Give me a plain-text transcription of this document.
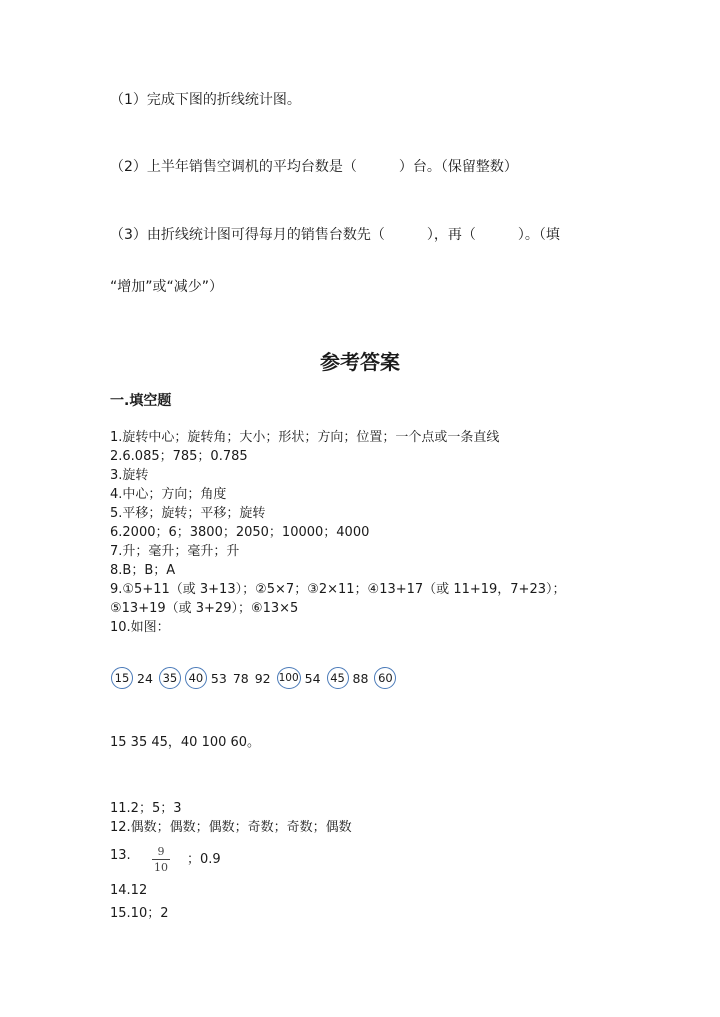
（1）完成下图的折线统计图。
（2）上半年销售空调机的平均台数是（　　　）台。（保留整数）
（3）由折线统计图可得每月的销售台数先（　　　），再（　　　）。（填
“增加”或“减少”）
参考答案
一.填空题
1.旋转中心；旋转角；大小；形状；方向；位置；一个点或一条直线
2.6.085；785；0.785
3.旋转
4.中心；方向；角度
5.平移；旋转；平移；旋转
6.2000；6；3800；2050；10000；4000
7.升；毫升；毫升；升
8.B；B；A
9.①5+11（或 3+13）；②5×7；③2×11；④13+17（或 11+19，7+23）；
⑤13+19（或 3+29）；⑥13×5
10.如图：
15 24 35 40 53 78 92 100 54 45 88 60
15 35 45，40 100 60。
11.2；5；3
12.偶数；偶数；偶数；奇数；奇数；偶数
13.	9
10
；0.9
14.12
15.10；2
